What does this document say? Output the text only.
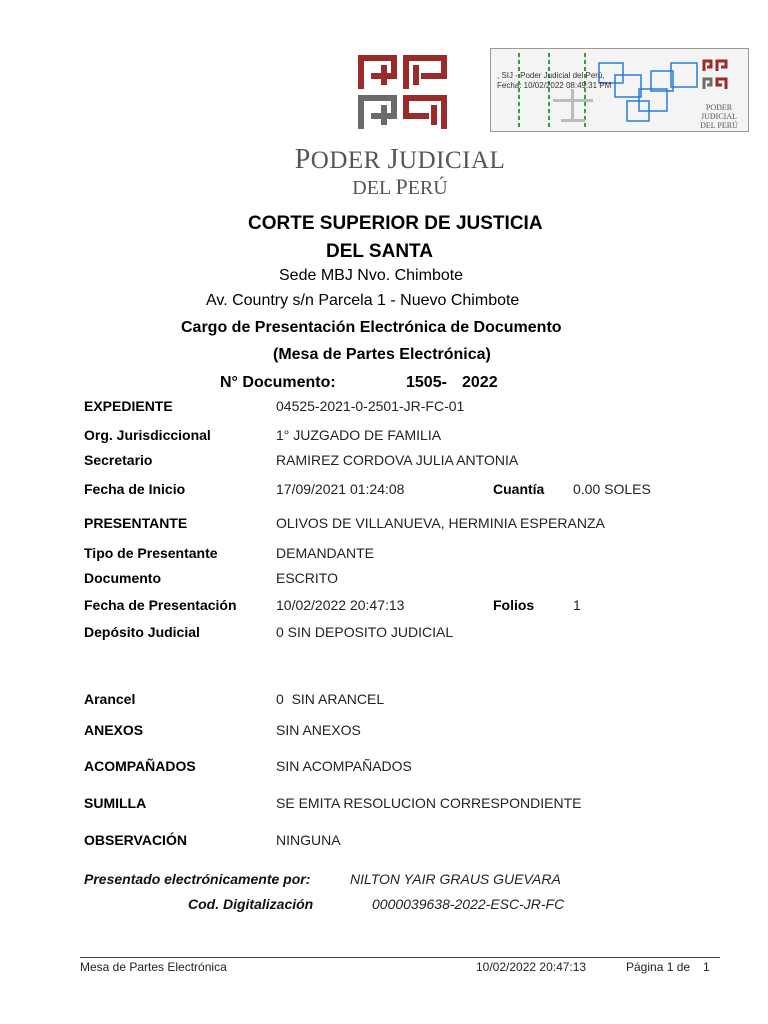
PODER JUDICIAL
DEL PERÚ
, SIJ - Poder Judicial del Perú,
Fecha: 10/02/2022 08:49:31 PM
PODER JUDICIAL
DEL PERÚ
CORTE SUPERIOR DE JUSTICIA
DEL SANTA
Sede MBJ Nvo. Chimbote
Av. Country s/n Parcela 1 - Nuevo Chimbote
Cargo de Presentación Electrónica de Documento
(Mesa de Partes Electrónica)
N° Documento:	1505- 2022
EXPEDIENTE	04525-2021-0-2501-JR-FC-01
Org. Jurisdiccional	1° JUZGADO DE FAMILIA
Secretario	RAMIREZ CORDOVA JULIA ANTONIA
Fecha de Inicio	17/09/2021 01:24:08	Cuantía 0.00 SOLES
PRESENTANTE	OLIVOS DE VILLANUEVA, HERMINIA ESPERANZA
Tipo de Presentante	DEMANDANTE
Documento	ESCRITO
Fecha de Presentación	10/02/2022 20:47:13	Folios	1
Depósito Judicial	0 SIN DEPOSITO JUDICIAL
Arancel	0  SIN ARANCEL
ANEXOS	SIN ANEXOS
ACOMPAÑADOS	SIN ACOMPAÑADOS
SUMILLA	SE EMITA RESOLUCION CORRESPONDIENTE
OBSERVACIÓN	NINGUNA
Presentado electrónicamente por:	NILTON YAIR GRAUS GUEVARA
Cod. Digitalización	0000039638-2022-ESC-JR-FC
Mesa de Partes Electrónica	10/02/2022 20:47:13	Página 1 de 1
